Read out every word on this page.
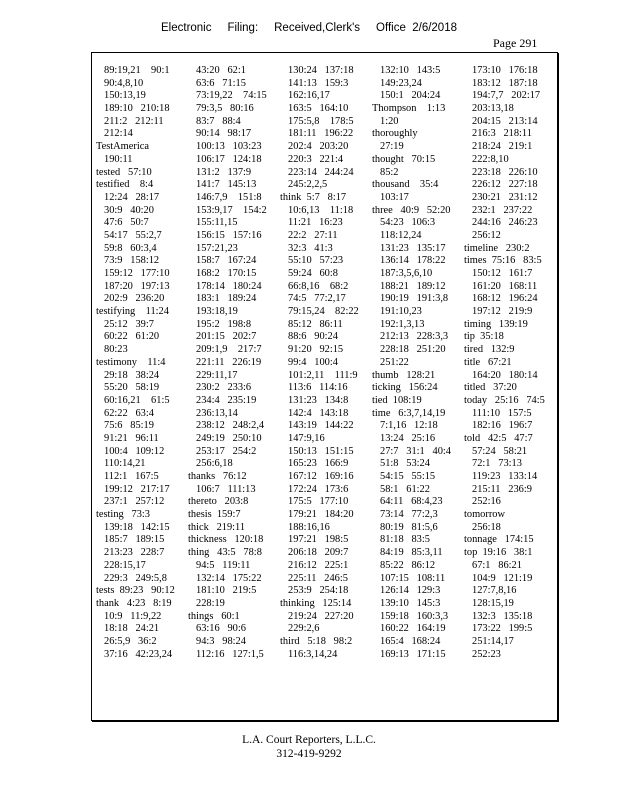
Electronic     Filing:     Received,Clerk's     Office  2/6/2018
Page 291
89:19,21    90:1
90:4,8,10
150:13,19
189:10   210:18
211:2   212:11
212:14
TestAmerica
190:11
tested   57:10
testified    8:4
12:24   28:17
30:9   40:20
47:6   50:7
54:17   55:2,7
59:8   60:3,4
73:9   158:12
159:12   177:10
187:20   197:13
202:9   236:20
testifying    11:24
25:12   39:7
60:22   61:20
80:23
testimony    11:4
29:18   38:24
55:20   58:19
60:16,21    61:5
62:22   63:4
75:6   85:19
91:21   96:11
100:4   109:12
110:14,21
112:1   167:5
199:12   217:17
237:1   257:12
testing   73:3
139:18   142:15
185:7   189:15
213:23   228:7
228:15,17
229:3   249:5,8
tests  89:23   90:12
thank   4:23   8:19
10:9   11:9,22
18:18   24:21
26:5,9   36:2
37:16   42:23,24
43:20   62:1
63:6   71:15
73:19,22    74:15
79:3,5   80:16
83:7   88:4
90:14   98:17
100:13   103:23
106:17   124:18
131:2   137:9
141:7   145:13
146:7,9    151:8
153:9,17    154:2
155:11,15
156:15   157:16
157:21,23
158:7   167:24
168:2   170:15
178:14   180:24
183:1   189:24
193:18,19
195:2   198:8
201:15   202:7
209:1,9    217:7
221:11   226:19
229:11,17
230:2   233:6
234:4   235:19
236:13,14
238:12   248:2,4
249:19   250:10
253:17   254:2
256:6,18
thanks   76:12
106:7   111:13
thereto   203:8
thesis  159:7
thick   219:11
thickness   120:18
thing   43:5   78:8
94:5   119:11
132:14   175:22
181:10   219:5
228:19
things   60:1
63:16   90:6
94:3   98:24
112:16   127:1,5
130:24   137:18
141:13   159:3
162:16,17
163:5   164:10
175:5,8    178:5
181:11   196:22
202:4   203:20
220:3   221:4
223:14   244:24
245:2,2,5
think  5:7   8:17
10:6,13    11:18
11:21   16:23
22:2   27:11
32:3   41:3
55:10   57:23
59:24   60:8
66:8,16    68:2
74:5   77:2,17
79:15,24    82:22
85:12   86:11
88:6   90:24
91:20   92:15
99:4   100:4
101:2,11    111:9
113:6   114:16
131:23   134:8
142:4   143:18
143:19   144:22
147:9,16
150:13   151:15
165:23   166:9
167:12   169:16
172:24   173:6
175:5   177:10
179:21   184:20
188:16,16
197:21   198:5
206:18   209:7
216:12   225:1
225:11   246:5
253:9   254:18
thinking   125:14
219:24   227:20
229:2,6
third   5:18   98:2
116:3,14,24
132:10   143:5
149:23,24
150:1   204:24
Thompson    1:13
1:20
thoroughly
27:19
thought   70:15
85:2
thousand    35:4
103:17
three   40:9   52:20
54:23   106:3
118:12,24
131:23   135:17
136:14   178:22
187:3,5,6,10
188:21   189:12
190:19   191:3,8
191:10,23
192:1,3,13
212:13   228:3,3
228:18   251:20
251:22
thumb   128:21
ticking   156:24
tied  108:19
time   6:3,7,14,19
7:1,16   12:18
13:24   25:16
27:7   31:1   40:4
51:8   53:24
54:15   55:15
58:1   61:22
64:11   68:4,23
73:14   77:2,3
80:19   81:5,6
81:18   83:5
84:19   85:3,11
85:22   86:12
107:15   108:11
126:14   129:3
139:10   145:3
159:18   160:3,3
160:22   164:19
165:4   168:24
169:13   171:15
173:10   176:18
183:12   187:18
194:7,7   202:17
203:13,18
204:15   213:14
216:3   218:11
218:24   219:1
222:8,10
223:18   226:10
226:12   227:18
230:21   231:12
232:1   237:22
244:16   246:23
256:12
timeline   230:2
times  75:16   83:5
150:12   161:7
161:20   168:11
168:12   196:24
197:12   219:9
timing   139:19
tip  35:18
tired   132:9
title   67:21
164:20   180:14
titled   37:20
today   25:16   74:5
111:10   157:5
182:16   196:7
told   42:5   47:7
57:24   58:21
72:1   73:13
119:23   133:14
215:11   236:9
252:16
tomorrow
256:18
tonnage   174:15
top  19:16   38:1
67:1   86:21
104:9   121:19
127:7,8,16
128:15,19
132:3   135:18
173:22   199:5
251:14,17
252:23
L.A. Court Reporters, L.L.C.
312-419-9292
